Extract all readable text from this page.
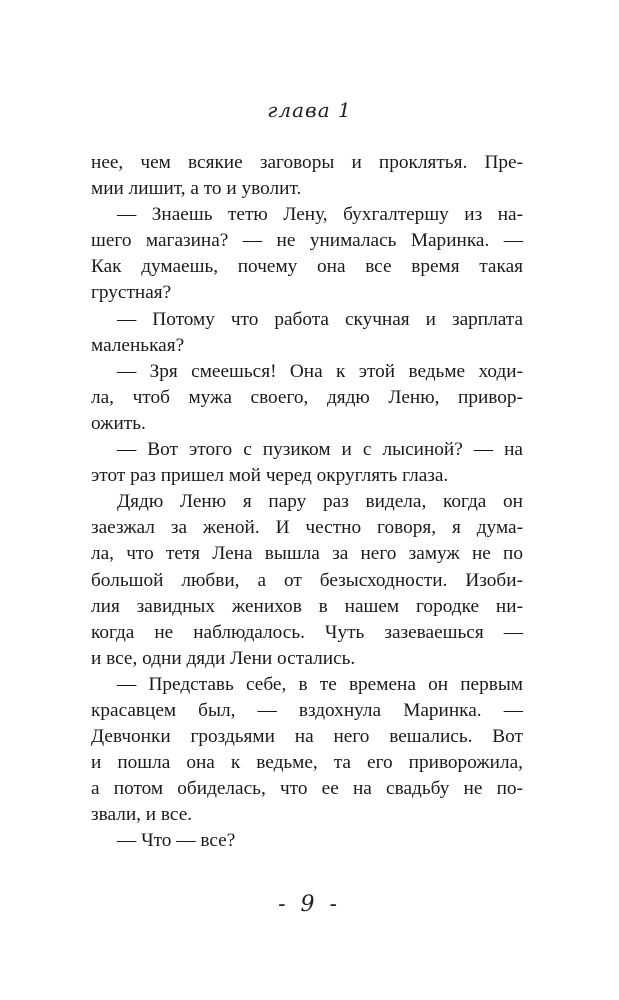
глава 1
нее, чем всякие заговоры и проклятья. Пре-
мии лишит, а то и уволит.
— Знаешь тетю Лену, бухгалтершу из на-
шего магазина? — не унималась Маринка. —
Как думаешь, почему она все время такая
грустная?
— Потому что работа скучная и зарплата
маленькая?
— Зря смеешься! Она к этой ведьме ходи-
ла, чтоб мужа своего, дядю Леню, привор-
ожить.
— Вот этого с пузиком и с лысиной? — на
этот раз пришел мой черед округлять глаза.
Дядю Леню я пару раз видела, когда он
заезжал за женой. И честно говоря, я дума-
ла, что тетя Лена вышла за него замуж не по
большой любви, а от безысходности. Изоби-
лия завидных женихов в нашем городке ни-
когда не наблюдалось. Чуть зазеваешься —
и все, одни дяди Лени остались.
— Представь себе, в те времена он первым
красавцем был, — вздохнула Маринка. —
Девчонки гроздьями на него вешались. Вот
и пошла она к ведьме, та его приворожила,
а потом обиделась, что ее на свадьбу не по-
звали, и все.
— Что — все?
- 9 -
